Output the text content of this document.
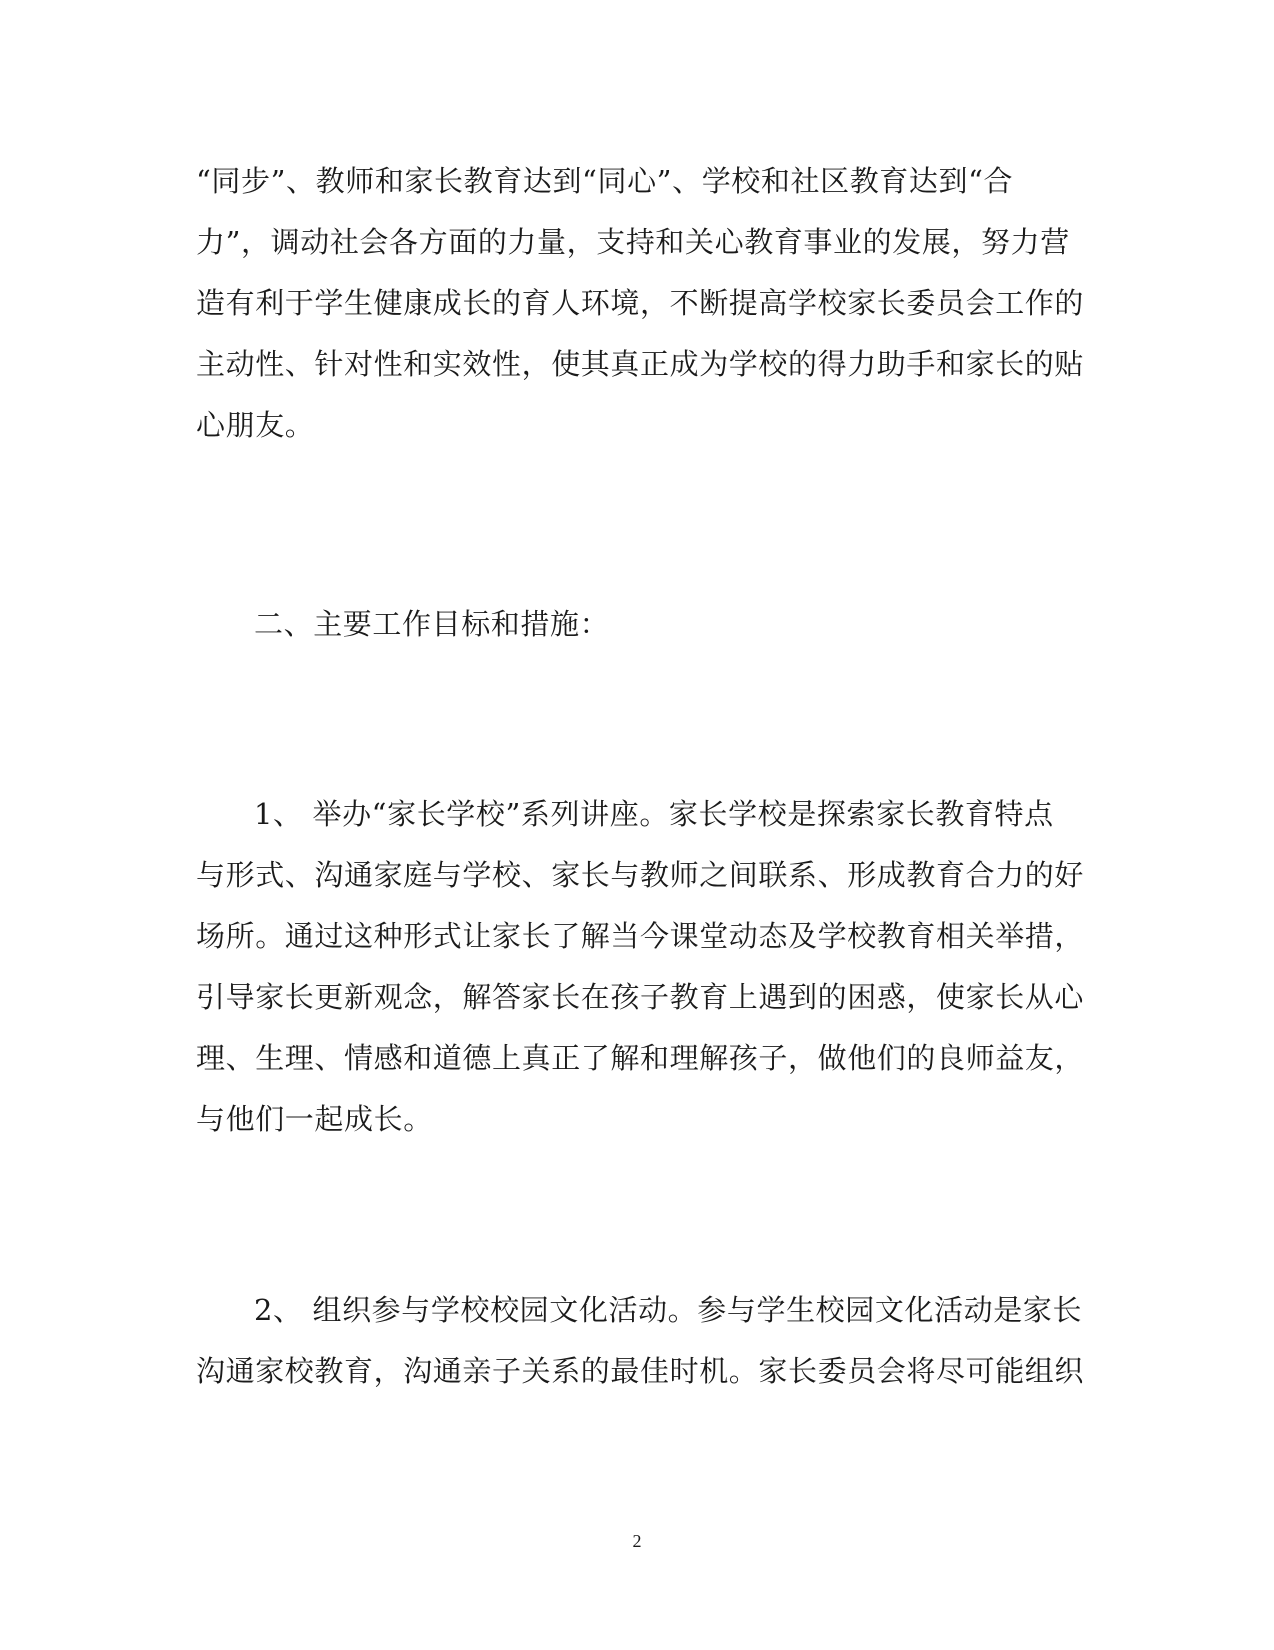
“同步”、教师和家长教育达到“同心”、学校和社区教育达到“合
力”，调动社会各方面的力量，支持和关心教育事业的发展，努力营
造有利于学生健康成长的育人环境，不断提高学校家长委员会工作的
主动性、针对性和实效性，使其真正成为学校的得力助手和家长的贴
心朋友。
二、主要工作目标和措施：
1、 举办“家长学校”系列讲座。家长学校是探索家长教育特点
与形式、沟通家庭与学校、家长与教师之间联系、形成教育合力的好
场所。通过这种形式让家长了解当今课堂动态及学校教育相关举措，
引导家长更新观念，解答家长在孩子教育上遇到的困惑，使家长从心
理、生理、情感和道德上真正了解和理解孩子，做他们的良师益友，
与他们一起成长。
2、 组织参与学校校园文化活动。参与学生校园文化活动是家长
沟通家校教育，沟通亲子关系的最佳时机。家长委员会将尽可能组织
2
